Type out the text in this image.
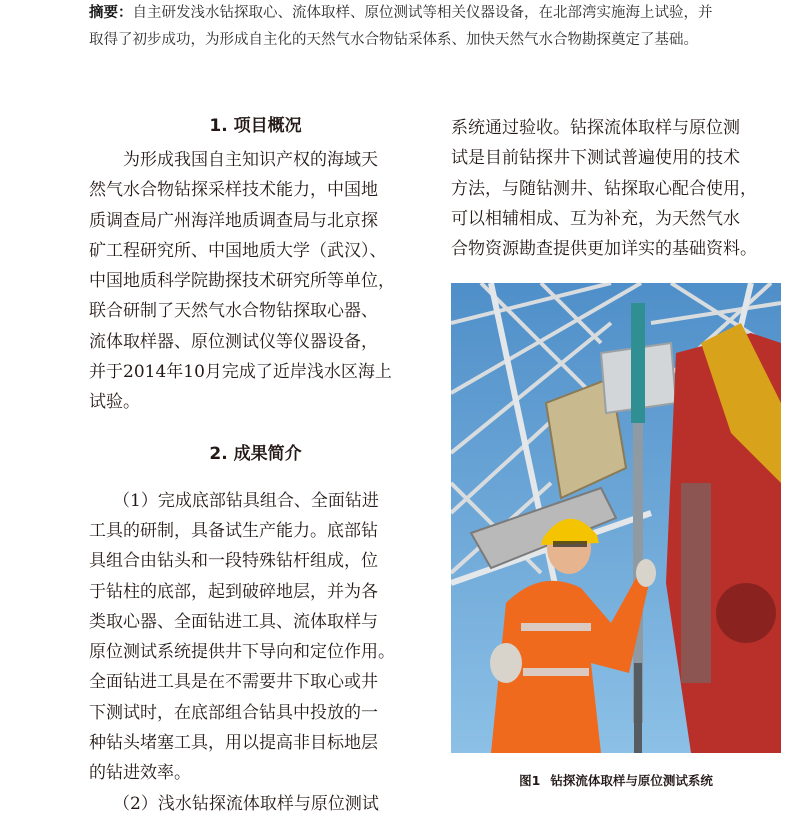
摘要：自主研发浅水钻探取心、流体取样、原位测试等相关仪器设备，在北部湾实施海上试验，并
取得了初步成功，为形成自主化的天然气水合物钻采体系、加快天然气水合物勘探奠定了基础。
1. 项目概况
为形成我国自主知识产权的海域天
然气水合物钻探采样技术能力，中国地
质调查局广州海洋地质调查局与北京探
矿工程研究所、中国地质大学（武汉）、
中国地质科学院勘探技术研究所等单位，
联合研制了天然气水合物钻探取心器、
流体取样器、原位测试仪等仪器设备，
并于2014年10月完成了近岸浅水区海上
试验。
2. 成果简介
（1）完成底部钻具组合、全面钻进
工具的研制，具备试生产能力。底部钻
具组合由钻头和一段特殊钻杆组成，位
于钻柱的底部，起到破碎地层，并为各
类取心器、全面钻进工具、流体取样与
原位测试系统提供井下导向和定位作用。
全面钻进工具是在不需要井下取心或井
下测试时，在底部组合钻具中投放的一
种钻头堵塞工具，用以提高非目标地层
的钻进效率。
（2）浅水钻探流体取样与原位测试
系统通过验收。钻探流体取样与原位测
试是目前钻探井下测试普遍使用的技术
方法，与随钻测井、钻探取心配合使用，
可以相辅相成、互为补充，为天然气水
合物资源勘查提供更加详实的基础资料。
图1 钻探流体取样与原位测试系统
